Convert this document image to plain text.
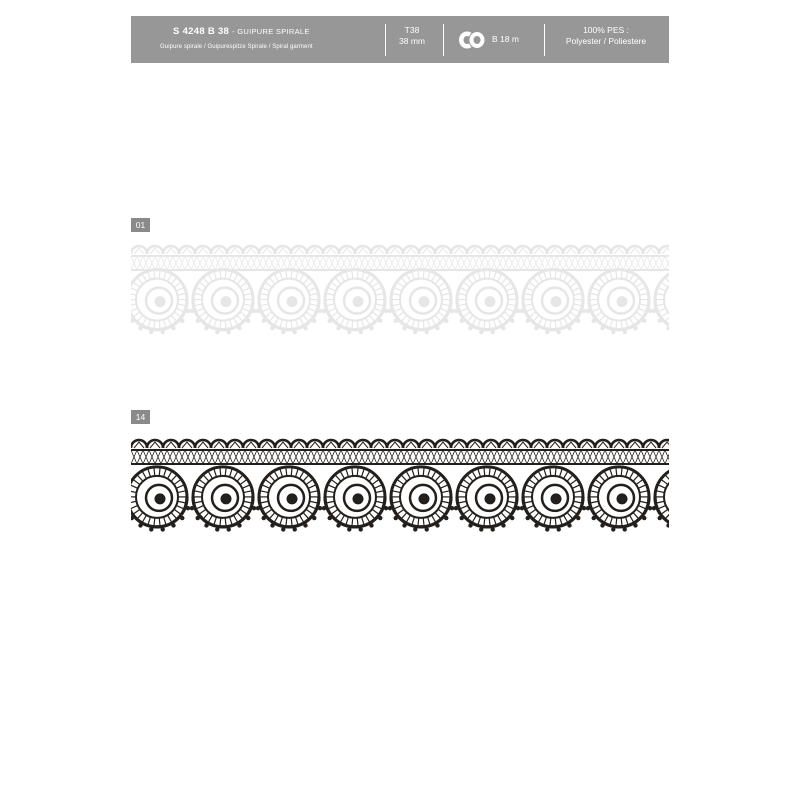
S 4248 B 38 - GUIPURE SPIRALE
Guipure spirale / Guipurespitze Spirale / Spiral garment
T38
38 mm	B 18 m
100% PES :
Polyester / Poliestere
01
14
